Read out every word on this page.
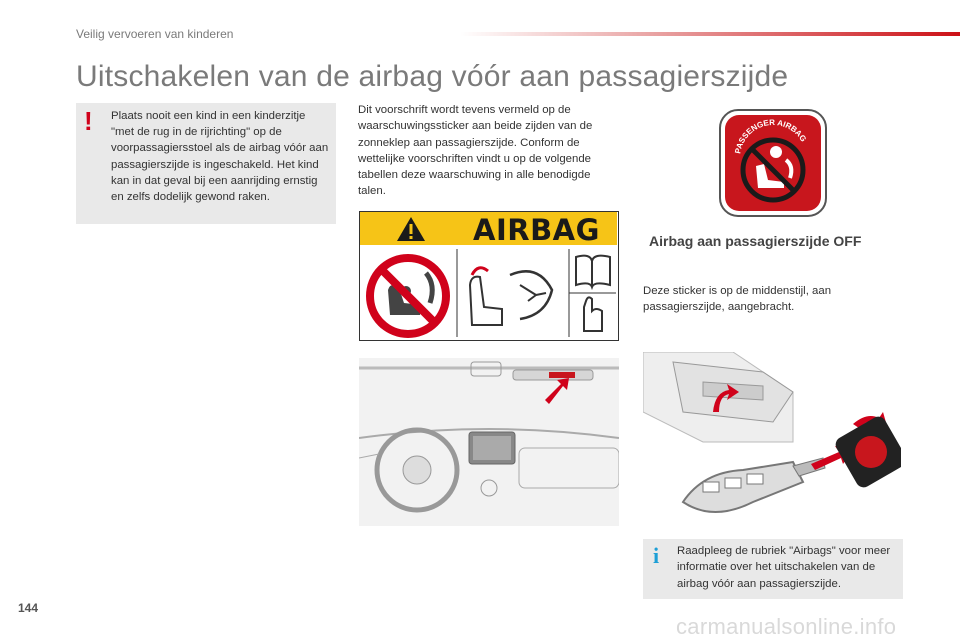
Veilig vervoeren van kinderen
Uitschakelen van de airbag vóór aan passagierszijde
! Plaats nooit een kind in een kinderzitje "met de rug in de rijrichting" op de voorpassagiersstoel als de airbag vóór aan passagierszijde is ingeschakeld. Het kind kan in dat geval bij een aanrijding ernstig en zelfs dodelijk gewond raken.
Dit voorschrift wordt tevens vermeld op de waarschuwingssticker aan beide zijden van de zonneklep aan passagierszijde. Conform de wettelijke voorschriften vindt u op de volgende tabellen deze waarschuwing in alle benodigde talen.
AIRBAG
PASSENGER AIRBAG
Airbag aan passagierszijde OFF
Deze sticker is op de middenstijl, aan passagierszijde, aangebracht.
i Raadpleeg de rubriek "Airbags" voor meer informatie over het uitschakelen van de airbag vóór aan passagierszijde.
144
carmanualsonline.info
